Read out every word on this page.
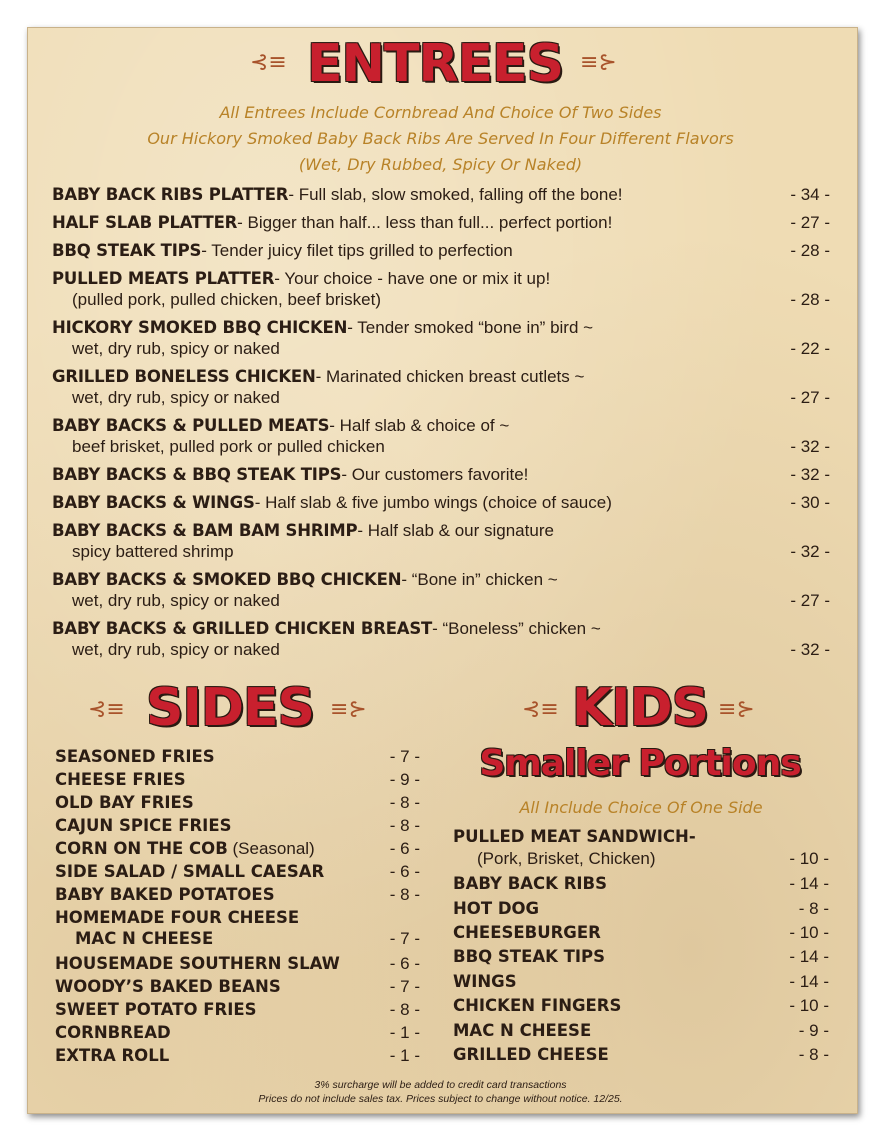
⊰≡ ENTREES ≡⊱
All Entrees Include Cornbread And Choice Of Two Sides
Our Hickory Smoked Baby Back Ribs Are Served In Four Different Flavors
(Wet, Dry Rubbed, Spicy Or Naked)
BABY BACK RIBS PLATTER- Full slab, slow smoked, falling off the bone!	- 34 -
HALF SLAB PLATTER- Bigger than half... less than full... perfect portion!	- 27 -
BBQ STEAK TIPS- Tender juicy filet tips grilled to perfection	- 28 -
PULLED MEATS PLATTER- Your choice - have one or mix it up!
(pulled pork, pulled chicken, beef brisket)	- 28 -
HICKORY SMOKED BBQ CHICKEN- Tender smoked “bone in” bird ~
wet, dry rub, spicy or naked	- 22 -
GRILLED BONELESS CHICKEN- Marinated chicken breast cutlets ~
wet, dry rub, spicy or naked	- 27 -
BABY BACKS & PULLED MEATS- Half slab & choice of ~
beef brisket, pulled pork or pulled chicken	- 32 -
BABY BACKS & BBQ STEAK TIPS- Our customers favorite!	- 32 -
BABY BACKS & WINGS- Half slab & five jumbo wings (choice of sauce)	- 30 -
BABY BACKS & BAM BAM SHRIMP- Half slab & our signature
spicy battered shrimp	- 32 -
BABY BACKS & SMOKED BBQ CHICKEN- “Bone in” chicken ~
wet, dry rub, spicy or naked	- 27 -
BABY BACKS & GRILLED CHICKEN BREAST- “Boneless” chicken ~
wet, dry rub, spicy or naked	- 32 -
⊰≡ SIDES ≡⊱
SEASONED FRIES	- 7 -
CHEESE FRIES	- 9 -
OLD BAY FRIES	- 8 -
CAJUN SPICE FRIES	- 8 -
CORN ON THE COB (Seasonal)	- 6 -
SIDE SALAD / SMALL CAESAR	- 6 -
BABY BAKED POTATOES	- 8 -
HOMEMADE FOUR CHEESE
MAC N CHEESE	- 7 -
HOUSEMADE SOUTHERN SLAW	- 6 -
WOODY’S BAKED BEANS	- 7 -
SWEET POTATO FRIES	- 8 -
CORNBREAD	- 1 -
EXTRA ROLL	- 1 -
⊰≡ KIDS ≡⊱
Smaller Portions
All Include Choice Of One Side
PULLED MEAT SANDWICH-
(Pork, Brisket, Chicken)	- 10 -
BABY BACK RIBS	- 14 -
HOT DOG	- 8 -
CHEESEBURGER	- 10 -
BBQ STEAK TIPS	- 14 -
WINGS	- 14 -
CHICKEN FINGERS	- 10 -
MAC N CHEESE	- 9 -
GRILLED CHEESE	- 8 -
3% surcharge will be added to credit card transactions
Prices do not include sales tax. Prices subject to change without notice. 12/25.
